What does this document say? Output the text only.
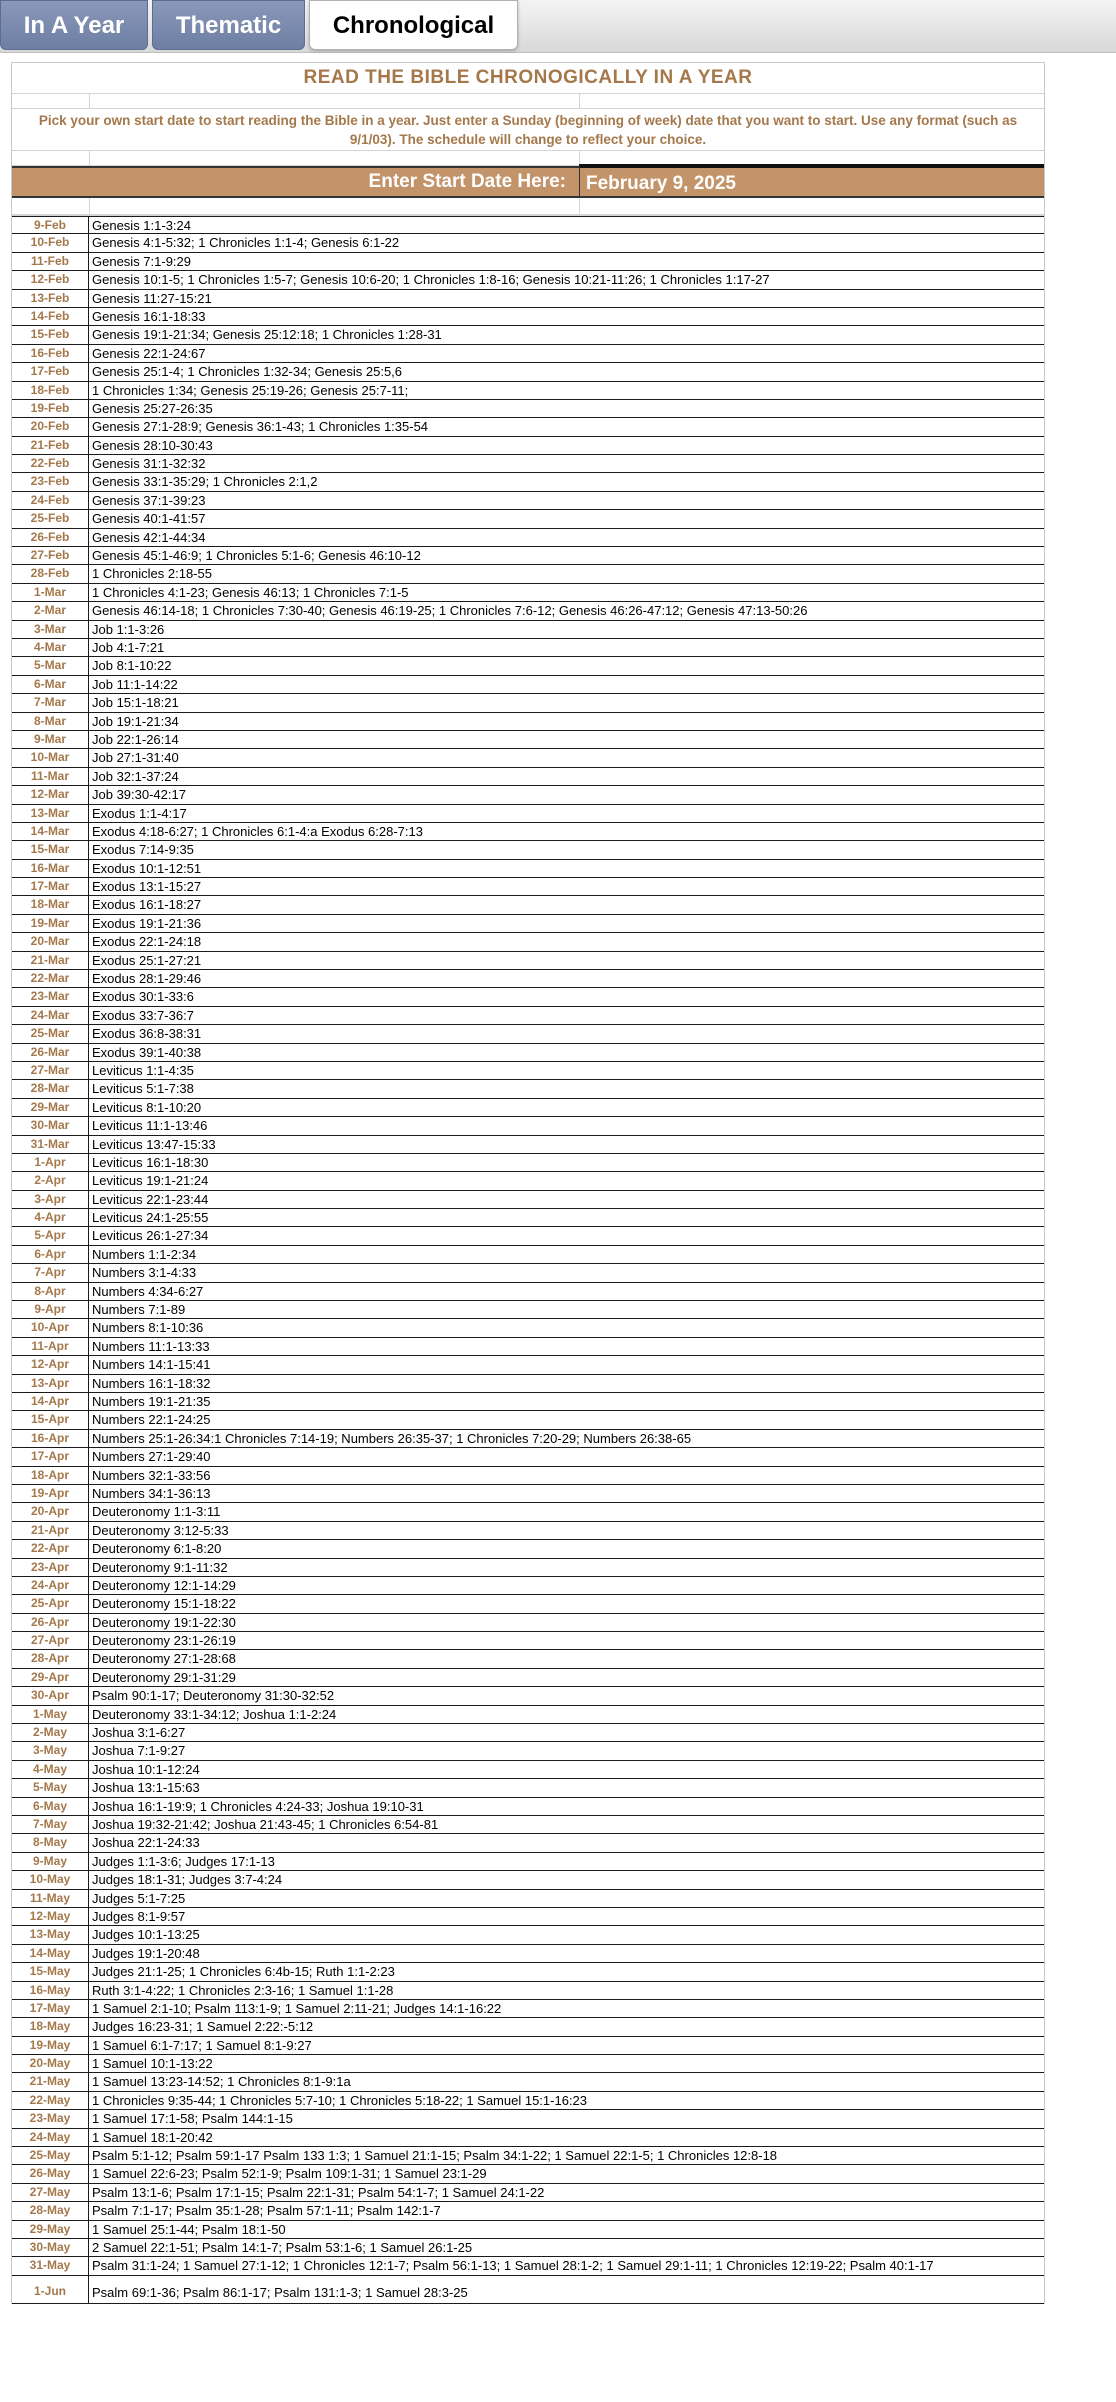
In A Year	Thematic	Chronological
READ THE BIBLE CHRONOGICALLY IN A YEAR
Pick your own start date to start reading the Bible in a year. Just enter a Sunday (beginning of week) date that you want to start. Use any format (such as 9/1/03). The schedule will change to reflect your choice.
Enter Start Date Here:	February 9, 2025
9-Feb	Genesis 1:1-3:24
10-Feb	Genesis 4:1-5:32; 1 Chronicles 1:1-4; Genesis 6:1-22
11-Feb	Genesis 7:1-9:29
12-Feb	Genesis 10:1-5; 1 Chronicles 1:5-7; Genesis 10:6-20; 1 Chronicles 1:8-16; Genesis 10:21-11:26; 1 Chronicles 1:17-27
13-Feb	Genesis 11:27-15:21
14-Feb	Genesis 16:1-18:33
15-Feb	Genesis 19:1-21:34; Genesis 25:12:18; 1 Chronicles 1:28-31
16-Feb	Genesis 22:1-24:67
17-Feb	Genesis 25:1-4; 1 Chronicles 1:32-34; Genesis 25:5,6
18-Feb	1 Chronicles 1:34; Genesis 25:19-26; Genesis 25:7-11;
19-Feb	Genesis 25:27-26:35
20-Feb	Genesis 27:1-28:9; Genesis 36:1-43; 1 Chronicles 1:35-54
21-Feb	Genesis 28:10-30:43
22-Feb	Genesis 31:1-32:32
23-Feb	Genesis 33:1-35:29; 1 Chronicles 2:1,2
24-Feb	Genesis 37:1-39:23
25-Feb	Genesis 40:1-41:57
26-Feb	Genesis 42:1-44:34
27-Feb	Genesis 45:1-46:9; 1 Chronicles 5:1-6; Genesis 46:10-12
28-Feb	1 Chronicles 2:18-55
1-Mar	1 Chronicles 4:1-23; Genesis 46:13; 1 Chronicles 7:1-5
2-Mar	Genesis 46:14-18; 1 Chronicles 7:30-40; Genesis 46:19-25; 1 Chronicles 7:6-12; Genesis 46:26-47:12; Genesis 47:13-50:26
3-Mar	Job 1:1-3:26
4-Mar	Job 4:1-7:21
5-Mar	Job 8:1-10:22
6-Mar	Job 11:1-14:22
7-Mar	Job 15:1-18:21
8-Mar	Job 19:1-21:34
9-Mar	Job 22:1-26:14
10-Mar	Job 27:1-31:40
11-Mar	Job 32:1-37:24
12-Mar	Job 39:30-42:17
13-Mar	Exodus 1:1-4:17
14-Mar	Exodus 4:18-6:27; 1 Chronicles 6:1-4:a Exodus 6:28-7:13
15-Mar	Exodus 7:14-9:35
16-Mar	Exodus 10:1-12:51
17-Mar	Exodus 13:1-15:27
18-Mar	Exodus 16:1-18:27
19-Mar	Exodus 19:1-21:36
20-Mar	Exodus 22:1-24:18
21-Mar	Exodus 25:1-27:21
22-Mar	Exodus 28:1-29:46
23-Mar	Exodus 30:1-33:6
24-Mar	Exodus 33:7-36:7
25-Mar	Exodus 36:8-38:31
26-Mar	Exodus 39:1-40:38
27-Mar	Leviticus 1:1-4:35
28-Mar	Leviticus 5:1-7:38
29-Mar	Leviticus 8:1-10:20
30-Mar	Leviticus 11:1-13:46
31-Mar	Leviticus 13:47-15:33
1-Apr	Leviticus 16:1-18:30
2-Apr	Leviticus 19:1-21:24
3-Apr	Leviticus 22:1-23:44
4-Apr	Leviticus 24:1-25:55
5-Apr	Leviticus 26:1-27:34
6-Apr	Numbers 1:1-2:34
7-Apr	Numbers 3:1-4:33
8-Apr	Numbers 4:34-6:27
9-Apr	Numbers 7:1-89
10-Apr	Numbers 8:1-10:36
11-Apr	Numbers 11:1-13:33
12-Apr	Numbers 14:1-15:41
13-Apr	Numbers 16:1-18:32
14-Apr	Numbers 19:1-21:35
15-Apr	Numbers 22:1-24:25
16-Apr	Numbers 25:1-26:34:1 Chronicles 7:14-19; Numbers 26:35-37; 1 Chronicles 7:20-29; Numbers 26:38-65
17-Apr	Numbers 27:1-29:40
18-Apr	Numbers 32:1-33:56
19-Apr	Numbers 34:1-36:13
20-Apr	Deuteronomy 1:1-3:11
21-Apr	Deuteronomy 3:12-5:33
22-Apr	Deuteronomy 6:1-8:20
23-Apr	Deuteronomy 9:1-11:32
24-Apr	Deuteronomy 12:1-14:29
25-Apr	Deuteronomy 15:1-18:22
26-Apr	Deuteronomy 19:1-22:30
27-Apr	Deuteronomy 23:1-26:19
28-Apr	Deuteronomy 27:1-28:68
29-Apr	Deuteronomy 29:1-31:29
30-Apr	Psalm 90:1-17; Deuteronomy 31:30-32:52
1-May	Deuteronomy 33:1-34:12; Joshua 1:1-2:24
2-May	Joshua 3:1-6:27
3-May	Joshua 7:1-9:27
4-May	Joshua 10:1-12:24
5-May	Joshua 13:1-15:63
6-May	Joshua 16:1-19:9; 1 Chronicles 4:24-33; Joshua 19:10-31
7-May	Joshua 19:32-21:42; Joshua 21:43-45; 1 Chronicles 6:54-81
8-May	Joshua 22:1-24:33
9-May	Judges 1:1-3:6; Judges 17:1-13
10-May	Judges 18:1-31; Judges 3:7-4:24
11-May	Judges 5:1-7:25
12-May	Judges 8:1-9:57
13-May	Judges 10:1-13:25
14-May	Judges 19:1-20:48
15-May	Judges 21:1-25; 1 Chronicles 6:4b-15; Ruth 1:1-2:23
16-May	Ruth 3:1-4:22; 1 Chronicles 2:3-16; 1 Samuel 1:1-28
17-May	1 Samuel 2:1-10; Psalm 113:1-9; 1 Samuel 2:11-21; Judges 14:1-16:22
18-May	Judges 16:23-31; 1 Samuel 2:22:-5:12
19-May	1 Samuel 6:1-7:17; 1 Samuel 8:1-9:27
20-May	1 Samuel 10:1-13:22
21-May	1 Samuel 13:23-14:52; 1 Chronicles 8:1-9:1a
22-May	1 Chronicles 9:35-44; 1 Chronicles 5:7-10; 1 Chronicles 5:18-22; 1 Samuel 15:1-16:23
23-May	1 Samuel 17:1-58; Psalm 144:1-15
24-May	1 Samuel 18:1-20:42
25-May	Psalm 5:1-12; Psalm 59:1-17 Psalm 133 1:3; 1 Samuel 21:1-15; Psalm 34:1-22; 1 Samuel 22:1-5; 1 Chronicles 12:8-18
26-May	1 Samuel 22:6-23; Psalm 52:1-9; Psalm 109:1-31; 1 Samuel 23:1-29
27-May	Psalm 13:1-6; Psalm 17:1-15; Psalm 22:1-31; Psalm 54:1-7; 1 Samuel 24:1-22
28-May	Psalm 7:1-17; Psalm 35:1-28; Psalm 57:1-11; Psalm 142:1-7
29-May	1 Samuel 25:1-44; Psalm 18:1-50
30-May	2 Samuel 22:1-51; Psalm 14:1-7; Psalm 53:1-6; 1 Samuel 26:1-25
31-May	Psalm 31:1-24; 1 Samuel 27:1-12; 1 Chronicles 12:1-7; Psalm 56:1-13; 1 Samuel 28:1-2; 1 Samuel 29:1-11; 1 Chronicles 12:19-22; Psalm 40:1-17
1-Jun	Psalm 69:1-36; Psalm 86:1-17; Psalm 131:1-3; 1 Samuel 28:3-25
